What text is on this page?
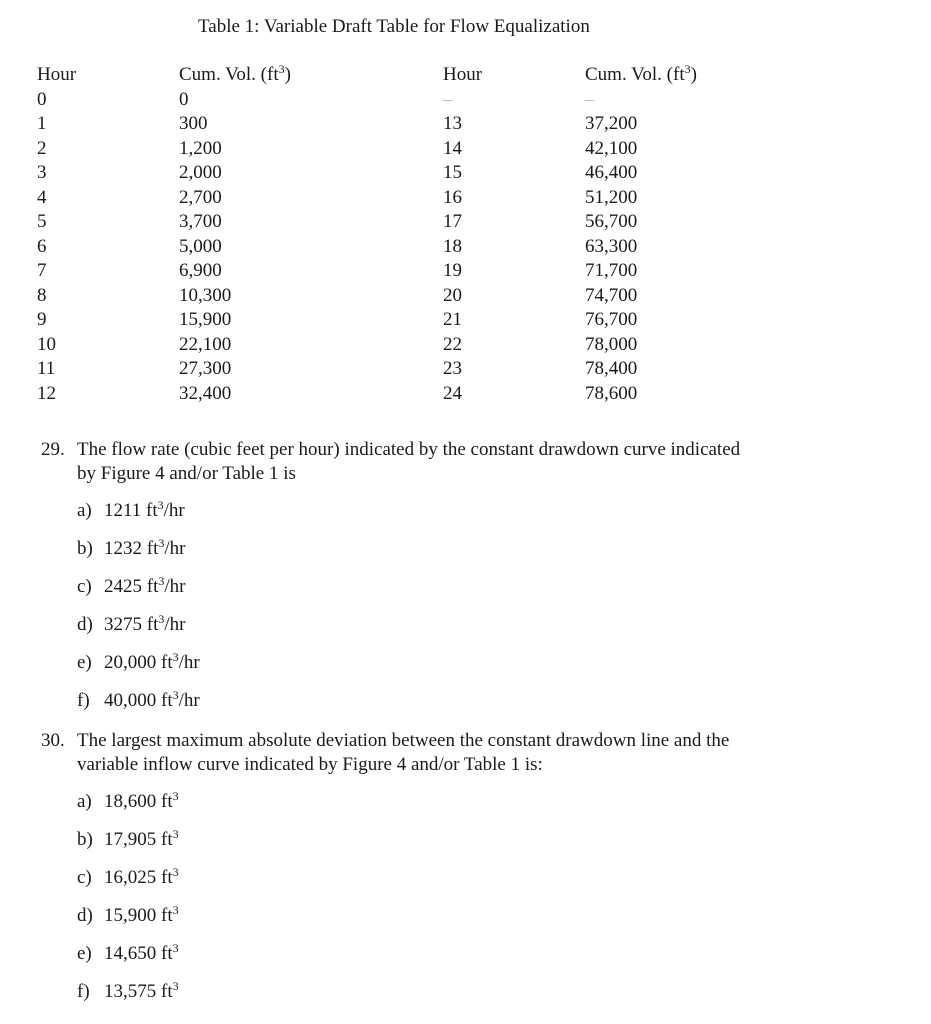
Table 1: Variable Draft Table for Flow Equalization
Hour	Cum. Vol. $(ft^3)$	Hour	Cum. Vol. $(ft^3)$
0	0	–	–
1	300	13	37,200
2	1,200	14	42,100
3	2,000	15	46,400
4	2,700	16	51,200
5	3,700	17	56,700
6	5,000	18	63,300
7	6,900	19	71,700
8	10,300	20	74,700
9	15,900	21	76,700
10	22,100	22	78,000
11	27,300	23	78,400
12	32,400	24	78,600
29. The flow rate (cubic feet per hour) indicated by the constant drawdown curve indicated
by Figure 4 and/or Table 1 is
a) 1211 $ft^3/hr$
b) 1232 $ft^3/hr$
c) 2425 $ft^3/hr$
d) 3275 $ft^3/hr$
e) 20,000 $ft^3/hr$
f) 40,000 $ft^3/hr$
30. The largest maximum absolute deviation between the constant drawdown line and the
variable inflow curve indicated by Figure 4 and/or Table 1 is:
a) 18,600 $ft^3$
b) 17,905 $ft^3$
c) 16,025 $ft^3$
d) 15,900 $ft^3$
e) 14,650 $ft^3$
f) 13,575 $ft^3$
